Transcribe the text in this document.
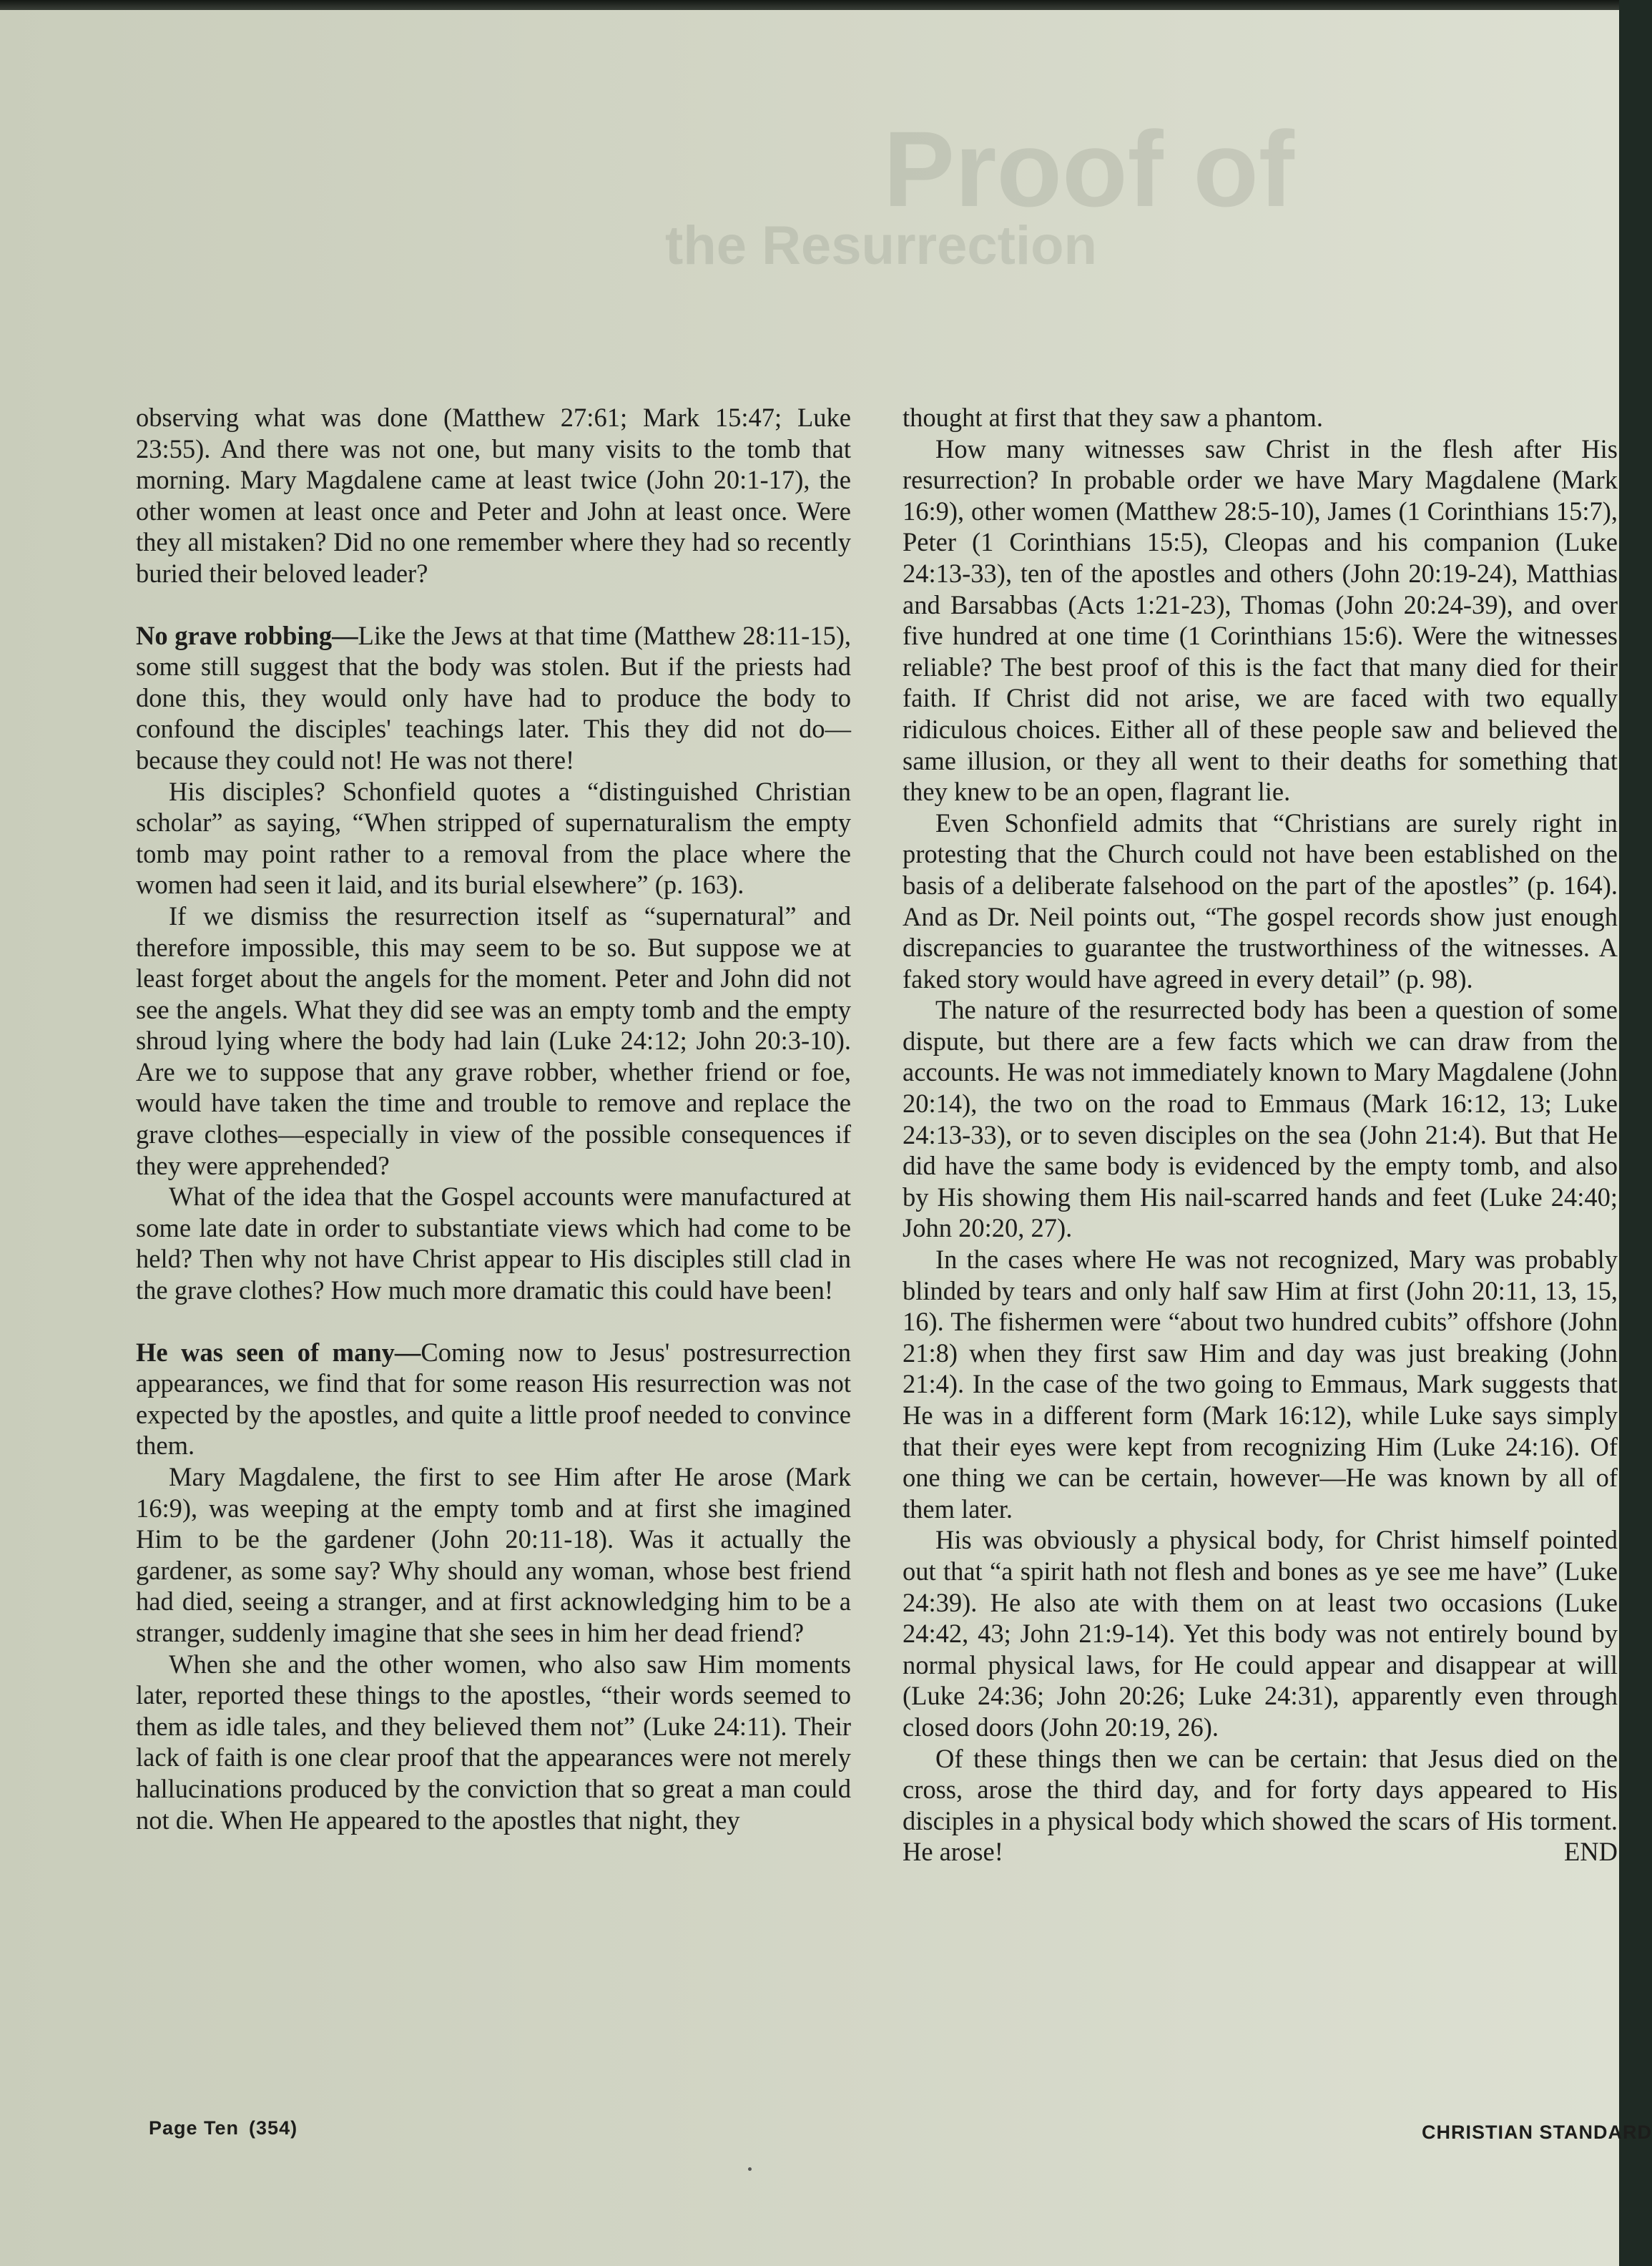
Proof of
the Resurrection

observing what was done (Matthew 27:61; Mark 15:47; Luke 23:55). And there was not one, but many visits to the tomb that morning. Mary Magdalene came at least twice (John 20:1-17), the other women at least once and Peter and John at least once. Were they all mistaken? Did no one remember where they had so recently buried their beloved leader?

No grave robbing—Like the Jews at that time (Matthew 28:11-15), some still suggest that the body was stolen. But if the priests had done this, they would only have had to produce the body to confound the disciples' teachings later. This they did not do—because they could not! He was not there!

His disciples? Schonfield quotes a “distinguished Christian scholar” as saying, “When stripped of supernaturalism the empty tomb may point rather to a removal from the place where the women had seen it laid, and its burial elsewhere” (p. 163).

If we dismiss the resurrection itself as “supernatural” and therefore impossible, this may seem to be so. But suppose we at least forget about the angels for the moment. Peter and John did not see the angels. What they did see was an empty tomb and the empty shroud lying where the body had lain (Luke 24:12; John 20:3-10). Are we to suppose that any grave robber, whether friend or foe, would have taken the time and trouble to remove and replace the grave clothes—especially in view of the possible consequences if they were apprehended?

What of the idea that the Gospel accounts were manufactured at some late date in order to substantiate views which had come to be held? Then why not have Christ appear to His disciples still clad in the grave clothes? How much more dramatic this could have been!

He was seen of many—Coming now to Jesus' postresurrection appearances, we find that for some reason His resurrection was not expected by the apostles, and quite a little proof needed to convince them.

Mary Magdalene, the first to see Him after He arose (Mark 16:9), was weeping at the empty tomb and at first she imagined Him to be the gardener (John 20:11-18). Was it actually the gardener, as some say? Why should any woman, whose best friend had died, seeing a stranger, and at first acknowledging him to be a stranger, suddenly imagine that she sees in him her dead friend?

When she and the other women, who also saw Him moments later, reported these things to the apostles, “their words seemed to them as idle tales, and they believed them not” (Luke 24:11). Their lack of faith is one clear proof that the appearances were not merely hallucinations produced by the conviction that so great a man could not die. When He appeared to the apostles that night, they

thought at first that they saw a phantom.

How many witnesses saw Christ in the flesh after His resurrection? In probable order we have Mary Magdalene (Mark 16:9), other women (Matthew 28:5-10), James (1 Corinthians 15:7), Peter (1 Corinthians 15:5), Cleopas and his companion (Luke 24:13-33), ten of the apostles and others (John 20:19-24), Matthias and Barsabbas (Acts 1:21-23), Thomas (John 20:24-39), and over five hundred at one time (1 Corinthians 15:6). Were the witnesses reliable? The best proof of this is the fact that many died for their faith. If Christ did not arise, we are faced with two equally ridiculous choices. Either all of these people saw and believed the same illusion, or they all went to their deaths for something that they knew to be an open, flagrant lie.

Even Schonfield admits that “Christians are surely right in protesting that the Church could not have been established on the basis of a deliberate falsehood on the part of the apostles” (p. 164). And as Dr. Neil points out, “The gospel records show just enough discrepancies to guarantee the trustworthiness of the witnesses. A faked story would have agreed in every detail” (p. 98).

The nature of the resurrected body has been a question of some dispute, but there are a few facts which we can draw from the accounts. He was not immediately known to Mary Magdalene (John 20:14), the two on the road to Emmaus (Mark 16:12, 13; Luke 24:13-33), or to seven disciples on the sea (John 21:4). But that He did have the same body is evidenced by the empty tomb, and also by His showing them His nail-scarred hands and feet (Luke 24:40; John 20:20, 27).

In the cases where He was not recognized, Mary was probably blinded by tears and only half saw Him at first (John 20:11, 13, 15, 16). The fishermen were “about two hundred cubits” offshore (John 21:8) when they first saw Him and day was just breaking (John 21:4). In the case of the two going to Emmaus, Mark suggests that He was in a different form (Mark 16:12), while Luke says simply that their eyes were kept from recognizing Him (Luke 24:16). Of one thing we can be certain, however—He was known by all of them later.

His was obviously a physical body, for Christ himself pointed out that “a spirit hath not flesh and bones as ye see me have” (Luke 24:39). He also ate with them on at least two occasions (Luke 24:42, 43; John 21:9-14). Yet this body was not entirely bound by normal physical laws, for He could appear and disappear at will (Luke 24:36; John 20:26; Luke 24:31), apparently even through closed doors (John 20:19, 26).

Of these things then we can be certain: that Jesus died on the cross, arose the third day, and for forty days appeared to His disciples in a physical body which showed the scars of His torment. He arose!	END

Page Ten (354)	CHRISTIAN STANDARD
